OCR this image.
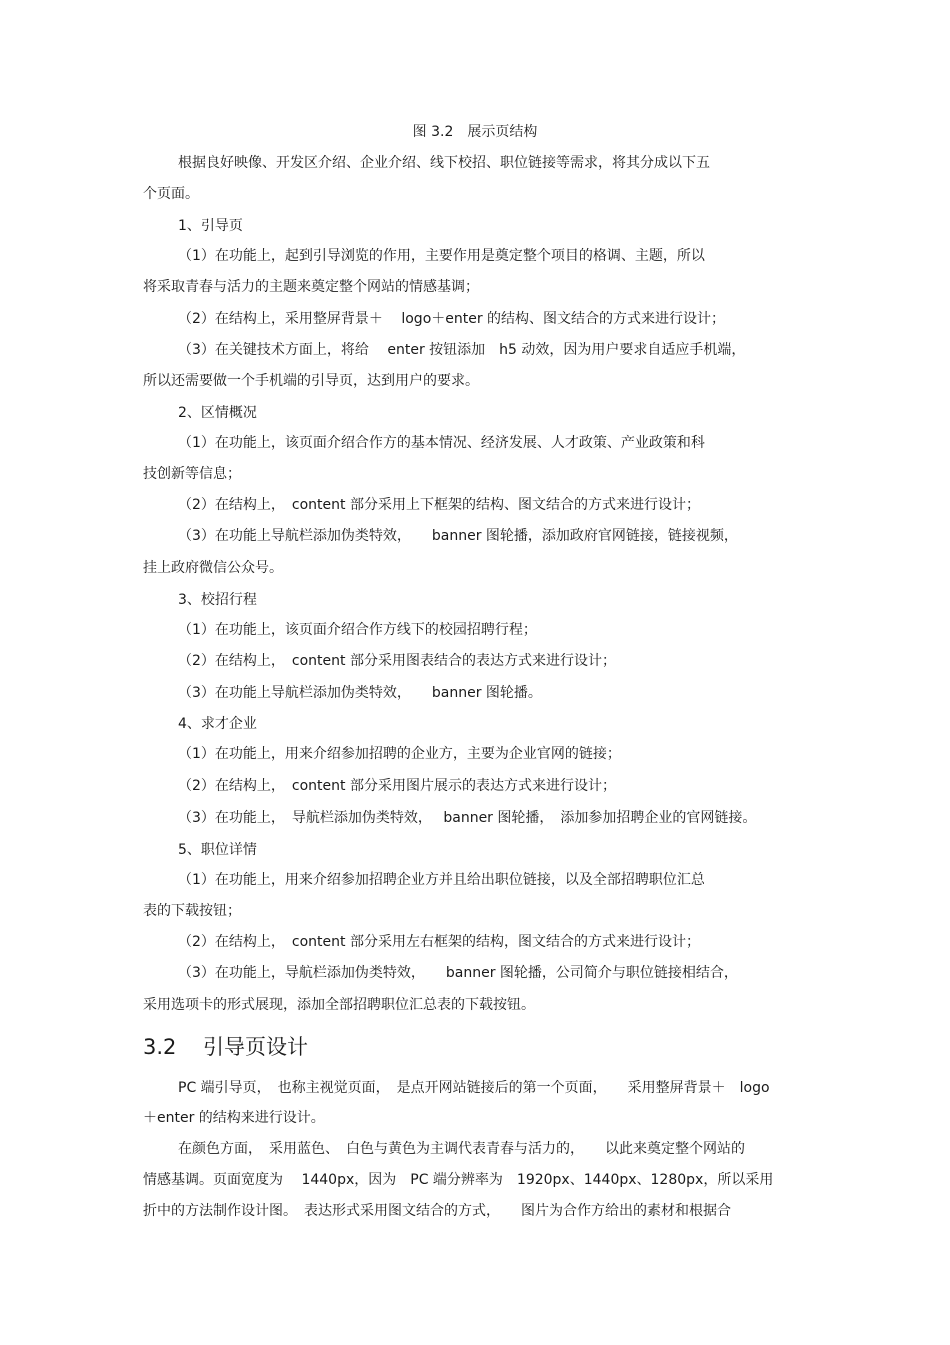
图 3.2　展示页结构
根据良好映像、开发区介绍、企业介绍、线下校招、职位链接等需求，将其分成以下五
个页面。
1、引导页
（1）在功能上，起到引导浏览的作用，主要作用是奠定整个项目的格调、主题，所以
将采取青春与活力的主题来奠定整个网站的情感基调；
（2）在结构上，采用整屏背景＋　 logo＋enter 的结构、图文结合的方式来进行设计；
（3）在关键技术方面上，将给　 enter 按钮添加　h5 动效，因为用户要求自适应手机端，
所以还需要做一个手机端的引导页，达到用户的要求。
2、区情概况
（1）在功能上，该页面介绍合作方的基本情况、经济发展、人才政策、产业政策和科
技创新等信息；
（2）在结构上，　content 部分采用上下框架的结构、图文结合的方式来进行设计；
（3）在功能上导航栏添加伪类特效，　　banner 图轮播，添加政府官网链接，链接视频，
挂上政府微信公众号。
3、校招行程
（1）在功能上，该页面介绍合作方线下的校园招聘行程；
（2）在结构上，　content 部分采用图表结合的表达方式来进行设计；
（3）在功能上导航栏添加伪类特效，　　banner 图轮播。
4、求才企业
（1）在功能上，用来介绍参加招聘的企业方，主要为企业官网的链接；
（2）在结构上，　content 部分采用图片展示的表达方式来进行设计；
（3）在功能上，　导航栏添加伪类特效，　 banner 图轮播，　添加参加招聘企业的官网链接。
5、职位详情
（1）在功能上，用来介绍参加招聘企业方并且给出职位链接，以及全部招聘职位汇总
表的下载按钮；
（2）在结构上，　content 部分采用左右框架的结构，图文结合的方式来进行设计；
（3）在功能上，导航栏添加伪类特效，　　banner 图轮播，公司简介与职位链接相结合，
采用选项卡的形式展现，添加全部招聘职位汇总表的下载按钮。
3.2 引导页设计
PC 端引导页，　也称主视觉页面，　是点开网站链接后的第一个页面，　　采用整屏背景＋　logo
＋enter 的结构来进行设计。
在颜色方面，　采用蓝色、　白色与黄色为主调代表青春与活力的，　　以此来奠定整个网站的
情感基调。页面宽度为　 1440px，因为　PC 端分辨率为　1920px、1440px、1280px，所以采用
折中的方法制作设计图。　表达形式采用图文结合的方式，　　图片为合作方给出的素材和根据合
